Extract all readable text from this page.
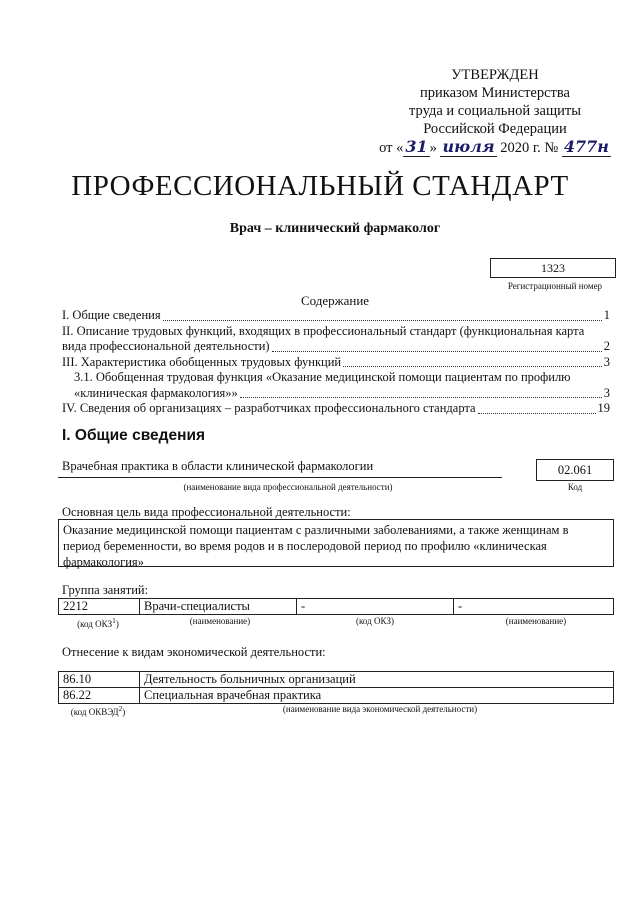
УТВЕРЖДЕН
приказом Министерства
труда и социальной защиты
Российской Федерации
от « 31 » июля 2020 г. № 477н
ПРОФЕССИОНАЛЬНЫЙ СТАНДАРТ
Врач – клинический фармаколог
1323
Регистрационный номер
Содержание
I. Общие сведения	1
II. Описание трудовых функций, входящих в профессиональный стандарт (функциональная карта
вида профессиональной деятельности)	2
III. Характеристика обобщенных трудовых функций	3
3.1. Обобщенная трудовая функция «Оказание медицинской помощи пациентам по профилю
«клиническая фармакология»»	3
IV. Сведения об организациях – разработчиках профессионального стандарта	19
I. Общие сведения
Врачебная практика в области клинической фармакологии
(наименование вида профессиональной деятельности)
02.061
Код
Основная цель вида профессиональной деятельности:
Оказание медицинской помощи пациентам с различными заболеваниями, а также женщинам в период беременности, во время родов и в послеродовой период по профилю «клиническая фармакология»
Группа занятий:
2212	Врачи-специалисты	-	-
(код ОКЗ$^1$)	(наименование)	(код ОКЗ)	(наименование)
Отнесение к видам экономической деятельности:
86.10	Деятельность больничных организаций
86.22	Специальная врачебная практика
(код ОКВЭД$^2$)	(наименование вида экономической деятельности)
